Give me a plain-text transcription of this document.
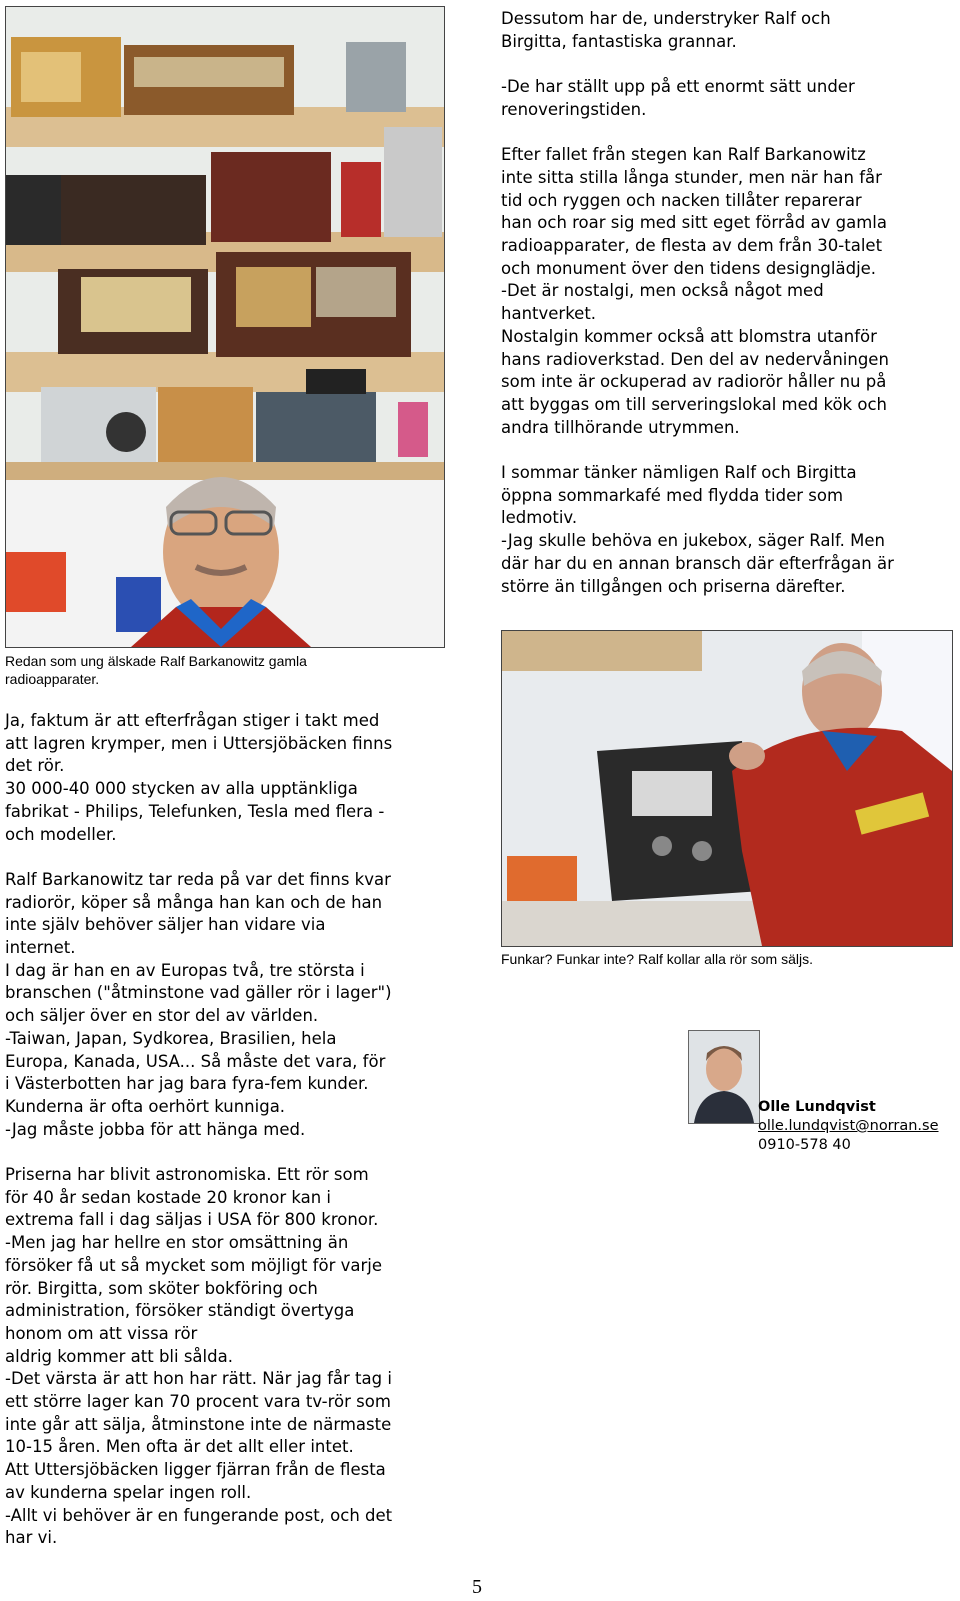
Dessutom har de, understryker Ralf och
Birgitta, fantastiska grannar.

-De har ställt upp på ett enormt sätt under
renoveringstiden.

Efter fallet från stegen kan Ralf Barkanowitz
inte sitta stilla långa stunder, men när han får
tid och ryggen och nacken tillåter reparerar
han och roar sig med sitt eget förråd av gamla
radioapparater, de flesta av dem från 30-talet
och monument över den tidens designglädje.
-Det är nostalgi, men också något med
hantverket.
Nostalgin kommer också att blomstra utanför
hans radioverkstad. Den del av nedervåningen
som inte är ockuperad av radiorör håller nu på
att byggas om till serveringslokal med kök och
andra tillhörande utrymmen.

I sommar tänker nämligen Ralf och Birgitta
öppna sommarkafé med flydda tider som
ledmotiv.
-Jag skulle behöva en jukebox, säger Ralf. Men
där har du en annan bransch där efterfrågan är
större än tillgången och priserna därefter.

Redan som ung älskade Ralf Barkanowitz gamla
radioapparater.
Funkar? Funkar inte? Ralf kollar alla rör som säljs.
Olle Lundqvist
olle.lundqvist@norran.se
0910-578 40

Ja, faktum är att efterfrågan stiger i takt med
att lagren krymper, men i Uttersjöbäcken finns
det rör.
30 000-40 000 stycken av alla upptänkliga
fabrikat - Philips, Telefunken, Tesla med flera -
och modeller.

Ralf Barkanowitz tar reda på var det finns kvar
radiorör, köper så många han kan och de han
inte själv behöver säljer han vidare via
internet.
I dag är han en av Europas två, tre största i
branschen ("åtminstone vad gäller rör i lager")
och säljer över en stor del av världen.
-Taiwan, Japan, Sydkorea, Brasilien, hela
Europa, Kanada, USA... Så måste det vara, för
i Västerbotten har jag bara fyra-fem kunder.
Kunderna är ofta oerhört kunniga.
-Jag måste jobba för att hänga med.

Priserna har blivit astronomiska. Ett rör som
för 40 år sedan kostade 20 kronor kan i
extrema fall i dag säljas i USA för 800 kronor.
-Men jag har hellre en stor omsättning än
försöker få ut så mycket som möjligt för varje
rör. Birgitta, som sköter bokföring och
administration, försöker ständigt övertyga
honom om att vissa rör
aldrig kommer att bli sålda.
-Det värsta är att hon har rätt. När jag får tag i
ett större lager kan 70 procent vara tv-rör som
inte går att sälja, åtminstone inte de närmaste
10-15 åren. Men ofta är det allt eller intet.
Att Uttersjöbäcken ligger fjärran från de flesta
av kunderna spelar ingen roll.
-Allt vi behöver är en fungerande post, och det
har vi.

5
